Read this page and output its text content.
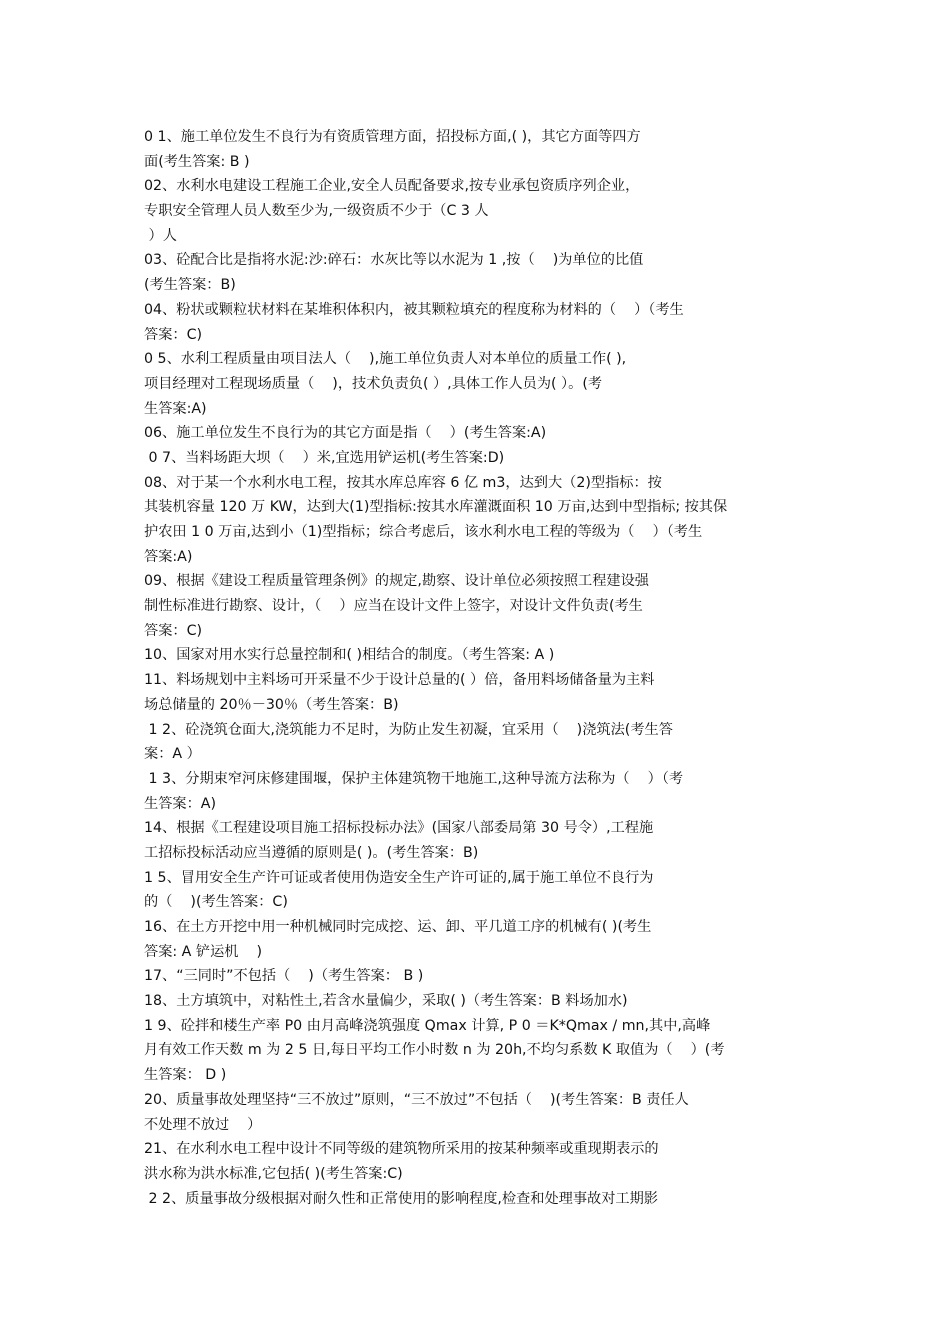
0 1、施工单位发生不良行为有资质管理方面，招投标方面,( )，其它方面等四方
面(考生答案: B )
02、水利水电建设工程施工企业,安全人员配备要求,按专业承包资质序列企业，
专职安全管理人员人数至少为,一级资质不少于（C 3 人
）人
03、砼配合比是指将水泥:沙:碎石：水灰比等以水泥为 1 ,按（    )为单位的比值
(考生答案：B)
04、粉状或颗粒状材料在某堆积体积内，被其颗粒填充的程度称为材料的（    ）（考生
答案：C)
0 5、水利工程质量由项目法人（    ),施工单位负责人对本单位的质量工作( ),
项目经理对工程现场质量（    )，技术负责负( ）,具体工作人员为( ）。(考
生答案:A)
06、施工单位发生不良行为的其它方面是指（    ）(考生答案:A)
0 7、当料场距大坝（    ）米,宜选用铲运机(考生答案:D)
08、对于某一个水利水电工程，按其水库总库容 6 亿 m3，达到大（2)型指标：按
其装机容量 120 万 KW，达到大(1)型指标:按其水库灌溉面积 10 万亩,达到中型指标; 按其保
护农田 1 0 万亩,达到小（1)型指标；综合考虑后，该水利水电工程的等级为（    ）（考生
答案:A)
09、根据《建设工程质量管理条例》的规定,勘察、设计单位必须按照工程建设强
制性标准进行勘察、设计，（    ）应当在设计文件上签字，对设计文件负责(考生
答案：C)
10、国家对用水实行总量控制和( )相结合的制度。（考生答案: A )
11、料场规划中主料场可开采量不少于设计总量的( ）倍，备用料场储备量为主料
场总储量的 20％－30％（考生答案：B)
1 2、砼浇筑仓面大,浇筑能力不足时，为防止发生初凝，宜采用（    )浇筑法(考生答
案：A ）
1 3、分期束窄河床修建围堰，保护主体建筑物干地施工,这种导流方法称为（    ）（考
生答案：A)
14、根据《工程建设项目施工招标投标办法》(国家八部委局第 30 号令）,工程施
工招标投标活动应当遵循的原则是( )。(考生答案：B)
1 5、冒用安全生产许可证或者使用伪造安全生产许可证的,属于施工单位不良行为
的（    )(考生答案：C)
16、在土方开挖中用一种机械同时完成挖、运、卸、平几道工序的机械有( )(考生
答案: A 铲运机    )
17、“三同时”不包括（    )（考生答案： B )
18、土方填筑中，对粘性土,若含水量偏少，采取( )（考生答案：B 料场加水)
1 9、砼拌和楼生产率 P0 由月高峰浇筑强度 Qmax 计算, P 0 ＝K*Qmax / mn,其中,高峰
月有效工作天数 m 为 2 5 日,每日平均工作小时数 n 为 20h,不均匀系数 K 取值为（    ）(考
生答案： D )
20、质量事故处理坚持“三不放过”原则，“三不放过”不包括（    )(考生答案：B 责任人
不处理不放过    ）
21、在水利水电工程中设计不同等级的建筑物所采用的按某种频率或重现期表示的
洪水称为洪水标准,它包括( )(考生答案:C)
2 2、质量事故分级根据对耐久性和正常使用的影响程度,检查和处理事故对工期影
